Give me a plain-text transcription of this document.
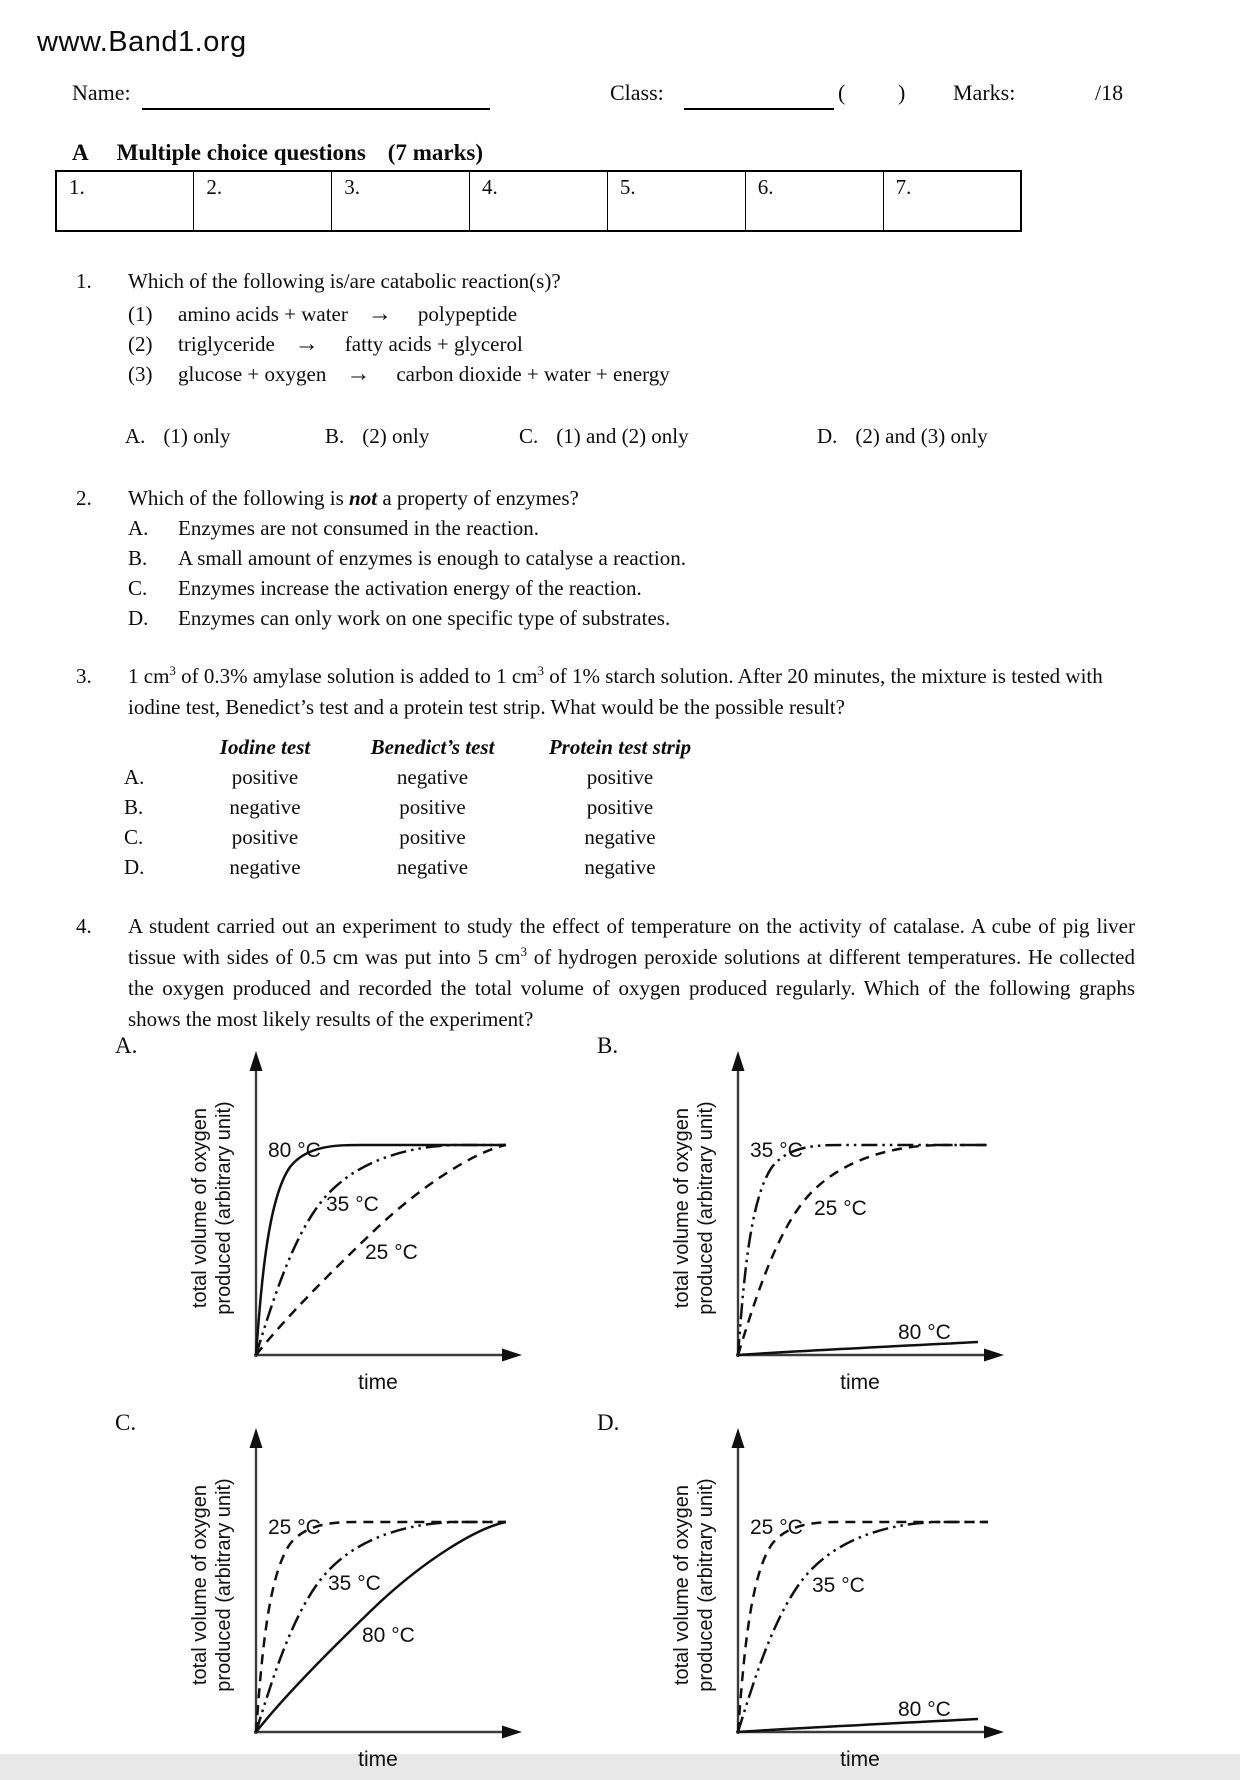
www.Band1.org
Name:	Class:	( ) Marks:	/18
A Multiple choice questions (7 marks)
1.	2.	3.	4.	5.	6.	7.
1.	Which of the following is/are catabolic reaction(s)?
(1)	amino acids + water → polypeptide
(2)	triglyceride → fatty acids + glycerol
(3)	glucose + oxygen → carbon dioxide + water + energy
A. (1) only	B. (2) only	C. (1) and (2) only	D. (2) and (3) only
2.	Which of the following is not a property of enzymes?
A.	Enzymes are not consumed in the reaction.
B.	A small amount of enzymes is enough to catalyse a reaction.
C.	Enzymes increase the activation energy of the reaction.
D.	Enzymes can only work on one specific type of substrates.
3.	1 $cm^3$ of 0.3% amylase solution is added to 1 $cm^3$ of 1% starch solution. After 20 minutes, the mixture is tested with iodine test, Benedict’s test and a protein test strip. What would be the possible result?
Iodine test	Benedict’s test	Protein test strip
A.	positive	negative	positive
B.	negative	positive	positive
C.	positive	positive	negative
D.	negative	negative	negative
4.	A student carried out an experiment to study the effect of temperature on the activity of catalase. A cube of pig liver tissue with sides of 0.5 cm was put into 5 $cm^3$ of hydrogen peroxide solutions at different temperatures. He collected the oxygen produced and recorded the total volume of oxygen produced regularly. Which of the following graphs shows the most likely results of the experiment?
A.
total volume of oxygen produced (arbitrary unit)
time
80 °C
35 °C
25 °C
B.
total volume of oxygen produced (arbitrary unit)
time
35 °C
25 °C
80 °C
C.
total volume of oxygen produced (arbitrary unit)
time
25 °C
35 °C
80 °C
D.
total volume of oxygen produced (arbitrary unit)
time
25 °C
35 °C
80 °C
